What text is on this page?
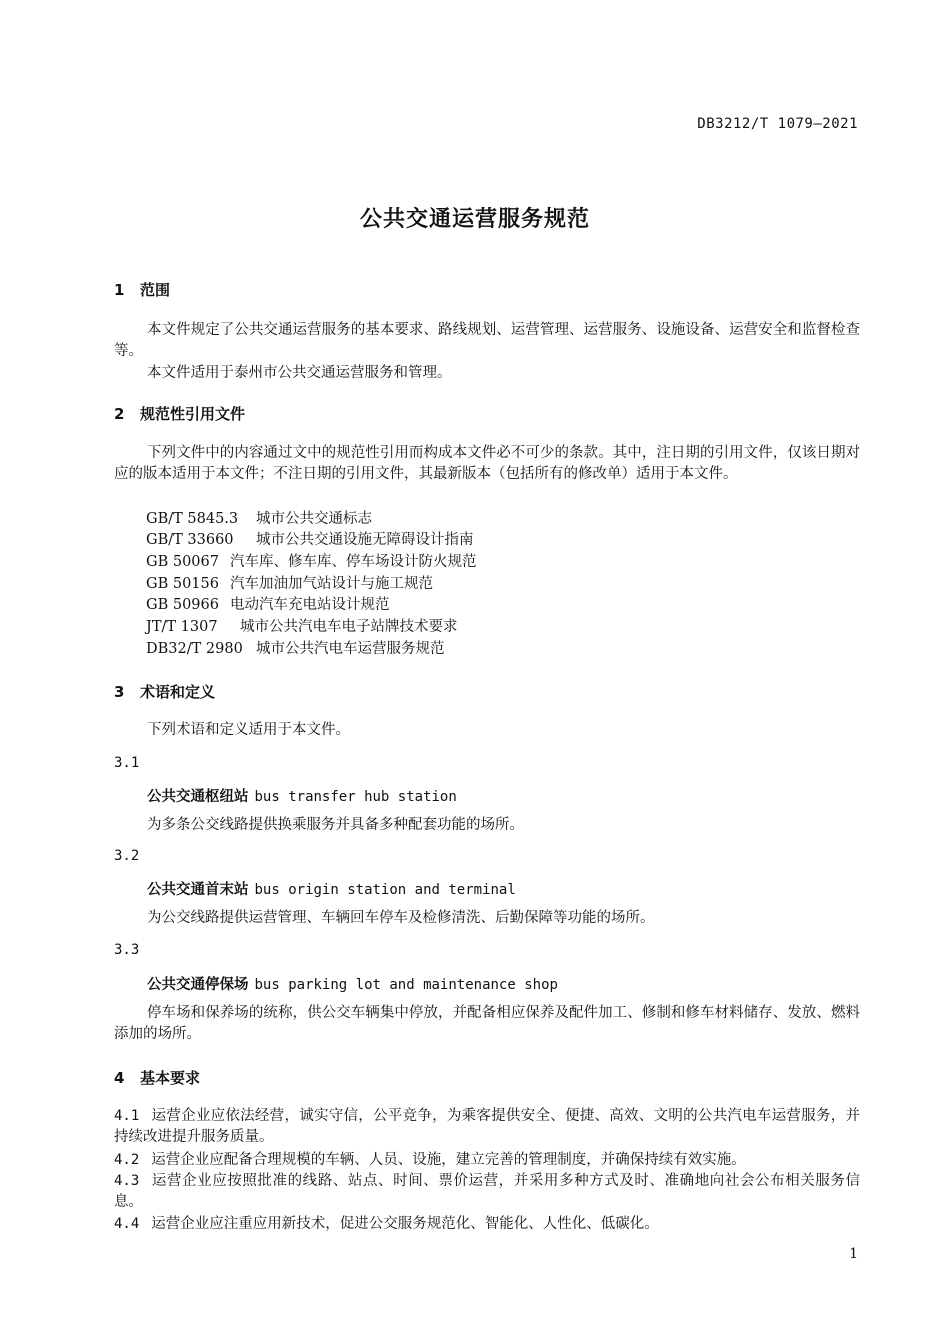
DB3212/T 1079—2021
公共交通运营服务规范
1 范围
本文件规定了公共交通运营服务的基本要求、路线规划、运营管理、运营服务、设施设备、运营安全和监督检查等。
本文件适用于泰州市公共交通运营服务和管理。
2 规范性引用文件
下列文件中的内容通过文中的规范性引用而构成本文件必不可少的条款。其中，注日期的引用文件，仅该日期对应的版本适用于本文件；不注日期的引用文件，其最新版本（包括所有的修改单）适用于本文件。
GB/T 5845.3 城市公共交通标志
GB/T 33660 城市公共交通设施无障碍设计指南
GB 50067 汽车库、修车库、停车场设计防火规范
GB 50156 汽车加油加气站设计与施工规范
GB 50966 电动汽车充电站设计规范
JT/T 1307 城市公共汽电车电子站牌技术要求
DB32/T 2980 城市公共汽电车运营服务规范
3 术语和定义
下列术语和定义适用于本文件。
3.1
公共交通枢纽站 bus transfer hub station
为多条公交线路提供换乘服务并具备多种配套功能的场所。
3.2
公共交通首末站 bus origin station and terminal
为公交线路提供运营管理、车辆回车停车及检修清洗、后勤保障等功能的场所。
3.3
公共交通停保场 bus parking lot and maintenance shop
停车场和保养场的统称，供公交车辆集中停放，并配备相应保养及配件加工、修制和修车材料储存、发放、燃料添加的场所。
4 基本要求
4.1 运营企业应依法经营，诚实守信，公平竞争，为乘客提供安全、便捷、高效、文明的公共汽电车运营服务，并持续改进提升服务质量。
4.2 运营企业应配备合理规模的车辆、人员、设施，建立完善的管理制度，并确保持续有效实施。
4.3 运营企业应按照批准的线路、站点、时间、票价运营，并采用多种方式及时、准确地向社会公布相关服务信息。
4.4 运营企业应注重应用新技术，促进公交服务规范化、智能化、人性化、低碳化。
1
